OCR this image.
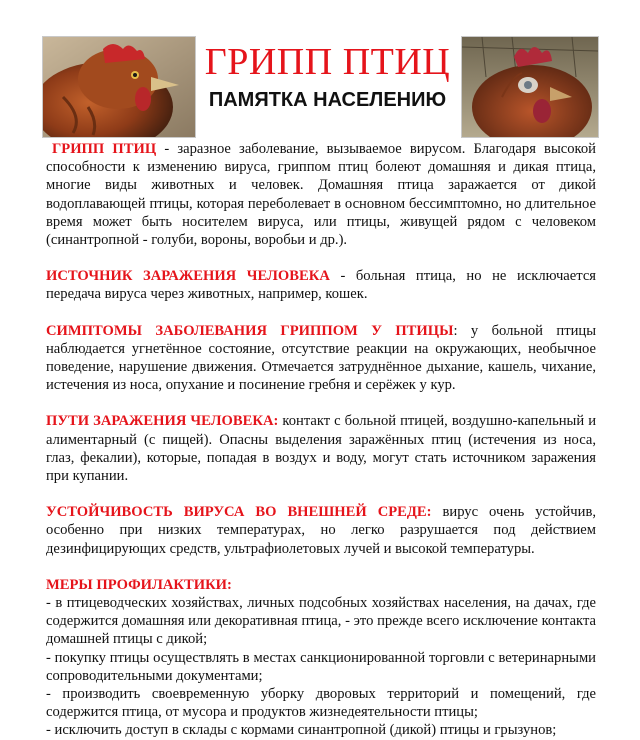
ГРИПП ПТИЦ
ПАМЯТКА НАСЕЛЕНИЮ

ГРИПП ПТИЦ - заразное заболевание, вызываемое вирусом. Благодаря высокой способности к изменению вируса, гриппом птиц болеют домашняя и дикая птица, многие виды животных и человек. Домашняя птица заражается от дикой водоплавающей птицы, которая переболевает в основном бессимптомно, но длительное время может быть носителем вируса, или птицы, живущей рядом с человеком (синантропной - голуби, вороны, воробьи и др.).

ИСТОЧНИК ЗАРАЖЕНИЯ ЧЕЛОВЕКА - больная птица, но не исключается передача вируса через животных, например, кошек.

СИМПТОМЫ ЗАБОЛЕВАНИЯ ГРИППОМ У ПТИЦЫ: у больной птицы наблюдается угнетённое состояние, отсутствие реакции на окружающих, необычное поведение, нарушение движения. Отмечается затруднённое дыхание, кашель, чихание, истечения из носа, опухание и посинение гребня и серёжек у кур.

ПУТИ ЗАРАЖЕНИЯ ЧЕЛОВЕКА: контакт с больной птицей, воздушно-капельный и алиментарный (с пищей). Опасны выделения заражённых птиц (истечения из носа, глаз, фекалии), которые, попадая в воздух и воду, могут стать источником заражения при купании.

УСТОЙЧИВОСТЬ ВИРУСА ВО ВНЕШНЕЙ СРЕДЕ: вирус очень устойчив, особенно при низких температурах, но легко разрушается под действием дезинфицирующих средств, ультрафиолетовых лучей и высокой температуры.

МЕРЫ ПРОФИЛАКТИКИ:

- в птицеводческих хозяйствах, личных подсобных хозяйствах населения, на дачах, где содержится домашняя или декоративная птица, - это прежде всего исключение контакта домашней птицы с дикой;

- покупку птицы осуществлять в местах санкционированной торговли с ветеринарными сопроводительными документами;

- производить своевременную уборку дворовых территорий и помещений, где содержится птица, от мусора и продуктов жизнедеятельности птицы;

- исключить доступ в склады с кормами синантропной (дикой) птицы и грызунов;
